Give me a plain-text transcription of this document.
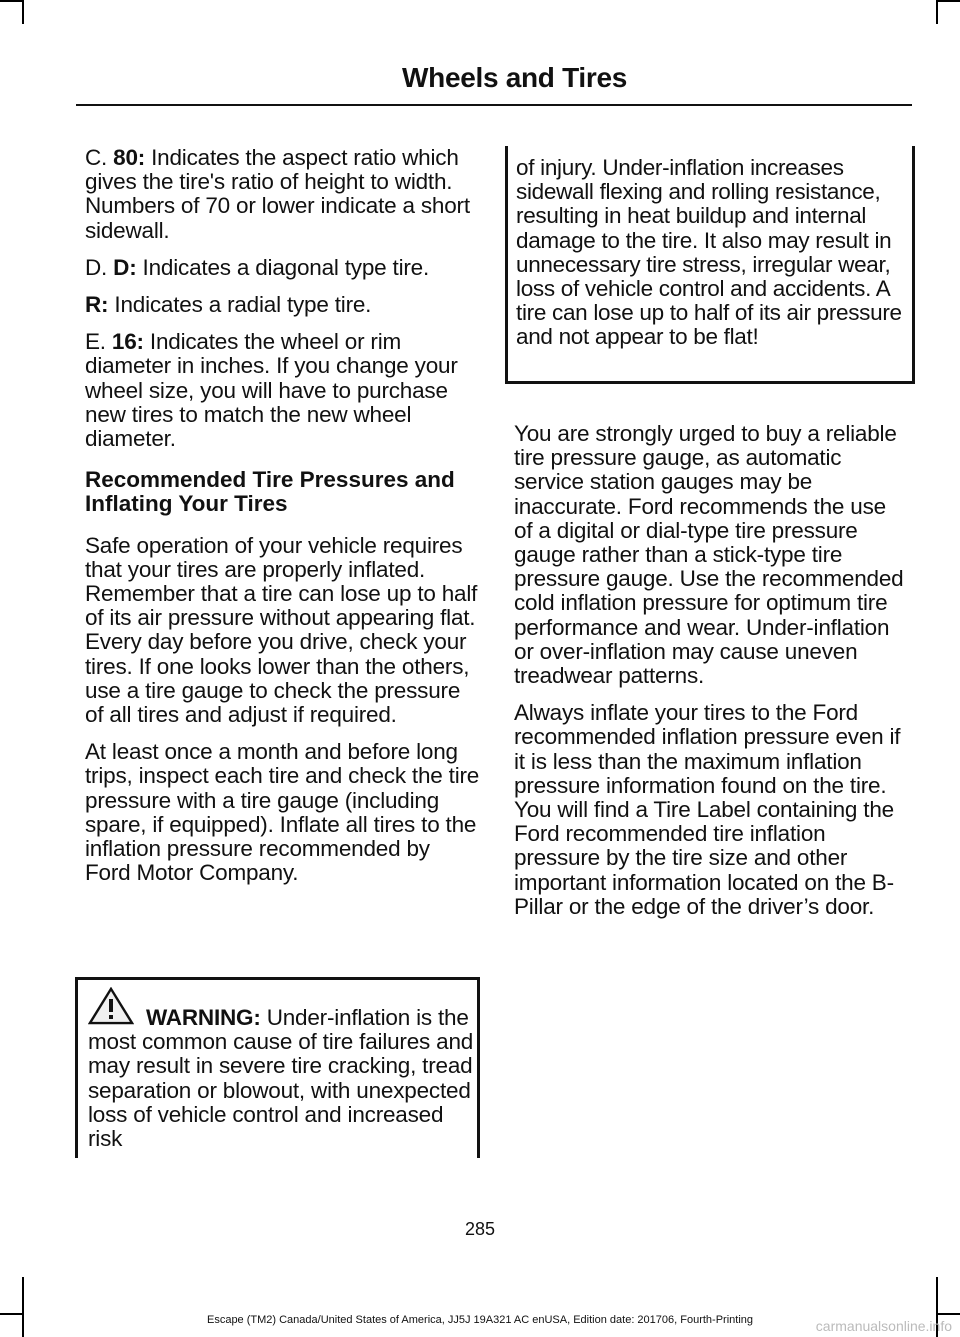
Wheels and Tires

C. 80: Indicates the aspect ratio which gives the tire's ratio of height to width. Numbers of 70 or lower indicate a short sidewall.

D. D: Indicates a diagonal type tire.

R: Indicates a radial type tire.

E. 16: Indicates the wheel or rim diameter in inches. If you change your wheel size, you will have to purchase new tires to match the new wheel diameter.

Recommended Tire Pressures and Inflating Your Tires

Safe operation of your vehicle requires that your tires are properly inflated. Remember that a tire can lose up to half of its air pressure without appearing flat. Every day before you drive, check your tires. If one looks lower than the others, use a tire gauge to check the pressure of all tires and adjust if required.

At least once a month and before long trips, inspect each tire and check the tire pressure with a tire gauge (including spare, if equipped). Inflate all tires to the inflation pressure recommended by Ford Motor Company.

WARNING: Under-inflation is the most common cause of tire failures and may result in severe tire cracking, tread separation or blowout, with unexpected loss of vehicle control and increased risk
of injury. Under-inflation increases sidewall flexing and rolling resistance, resulting in heat buildup and internal damage to the tire. It also may result in unnecessary tire stress, irregular wear, loss of vehicle control and accidents. A tire can lose up to half of its air pressure and not appear to be flat!

You are strongly urged to buy a reliable tire pressure gauge, as automatic service station gauges may be inaccurate. Ford recommends the use of a digital or dial-type tire pressure gauge rather than a stick-type tire pressure gauge. Use the recommended cold inflation pressure for optimum tire performance and wear. Under-inflation or over-inflation may cause uneven treadwear patterns.

Always inflate your tires to the Ford recommended inflation pressure even if it is less than the maximum inflation pressure information found on the tire. You will find a Tire Label containing the Ford recommended tire inflation pressure by the tire size and other important information located on the B-Pillar or the edge of the driver’s door.

285
Escape (TM2) Canada/United States of America, JJ5J 19A321 AC enUSA, Edition date: 201706, Fourth-Printing	carmanualsonline.info
